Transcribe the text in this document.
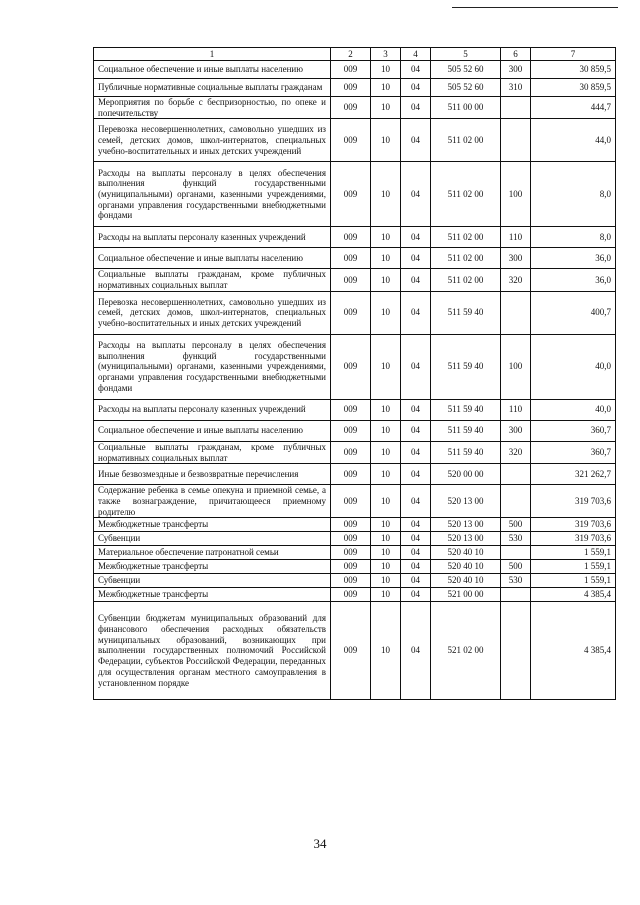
1	2	3	4	5	6	7
Социальное обеспечение и иные выплаты населению	009	10	04	505 52 60	300	30 859,5
Публичные нормативные социальные выплаты гражданам	009	10	04	505 52 60	310	30 859,5
Мероприятия по борьбе с беспризорностью, по опеке и попечительству	009	10	04	511 00 00		444,7
Перевозка несовершеннолетних, самовольно ушедших из семей, детских домов, школ-интернатов, специальных учебно-воспитательных и иных детских учреждений	009	10	04	511 02 00		44,0
Расходы на выплаты персоналу в целях обеспечения выполнения функций государственными (муниципальными) органами, казенными учреждениями, органами управления государственными внебюджетными фондами	009	10	04	511 02 00	100	8,0
Расходы на выплаты персоналу казенных учреждений	009	10	04	511 02 00	110	8,0
Социальное обеспечение и иные выплаты населению	009	10	04	511 02 00	300	36,0
Социальные выплаты гражданам, кроме публичных нормативных социальных выплат	009	10	04	511 02 00	320	36,0
Перевозка несовершеннолетних, самовольно ушедших из семей, детских домов, школ-интернатов, специальных учебно-воспитательных и иных детских учреждений	009	10	04	511 59 40		400,7
Расходы на выплаты персоналу в целях обеспечения выполнения функций государственными (муниципальными) органами, казенными учреждениями, органами управления государственными внебюджетными фондами	009	10	04	511 59 40	100	40,0
Расходы на выплаты персоналу казенных учреждений	009	10	04	511 59 40	110	40,0
Социальное обеспечение и иные выплаты населению	009	10	04	511 59 40	300	360,7
Социальные выплаты гражданам, кроме публичных нормативных социальных выплат	009	10	04	511 59 40	320	360,7
Иные безвозмездные и безвозвратные перечисления	009	10	04	520 00 00		321 262,7
Содержание ребенка в семье опекуна и приемной семье, а также вознаграждение, причитающееся приемному родителю	009	10	04	520 13 00		319 703,6
Межбюджетные трансферты	009	10	04	520 13 00	500	319 703,6
Субвенции	009	10	04	520 13 00	530	319 703,6
Материальное обеспечение патронатной семьи	009	10	04	520 40 10		1 559,1
Межбюджетные трансферты	009	10	04	520 40 10	500	1 559,1
Субвенции	009	10	04	520 40 10	530	1 559,1
Межбюджетные трансферты	009	10	04	521 00 00		4 385,4
Субвенции бюджетам муниципальных образований для финансового обеспечения расходных обязательств муниципальных образований, возникающих при выполнении государственных полномочий Российской Федерации, субъектов Российской Федерации, переданных для осуществления органам местного самоуправления в установленном порядке	009	10	04	521 02 00		4 385,4
34
